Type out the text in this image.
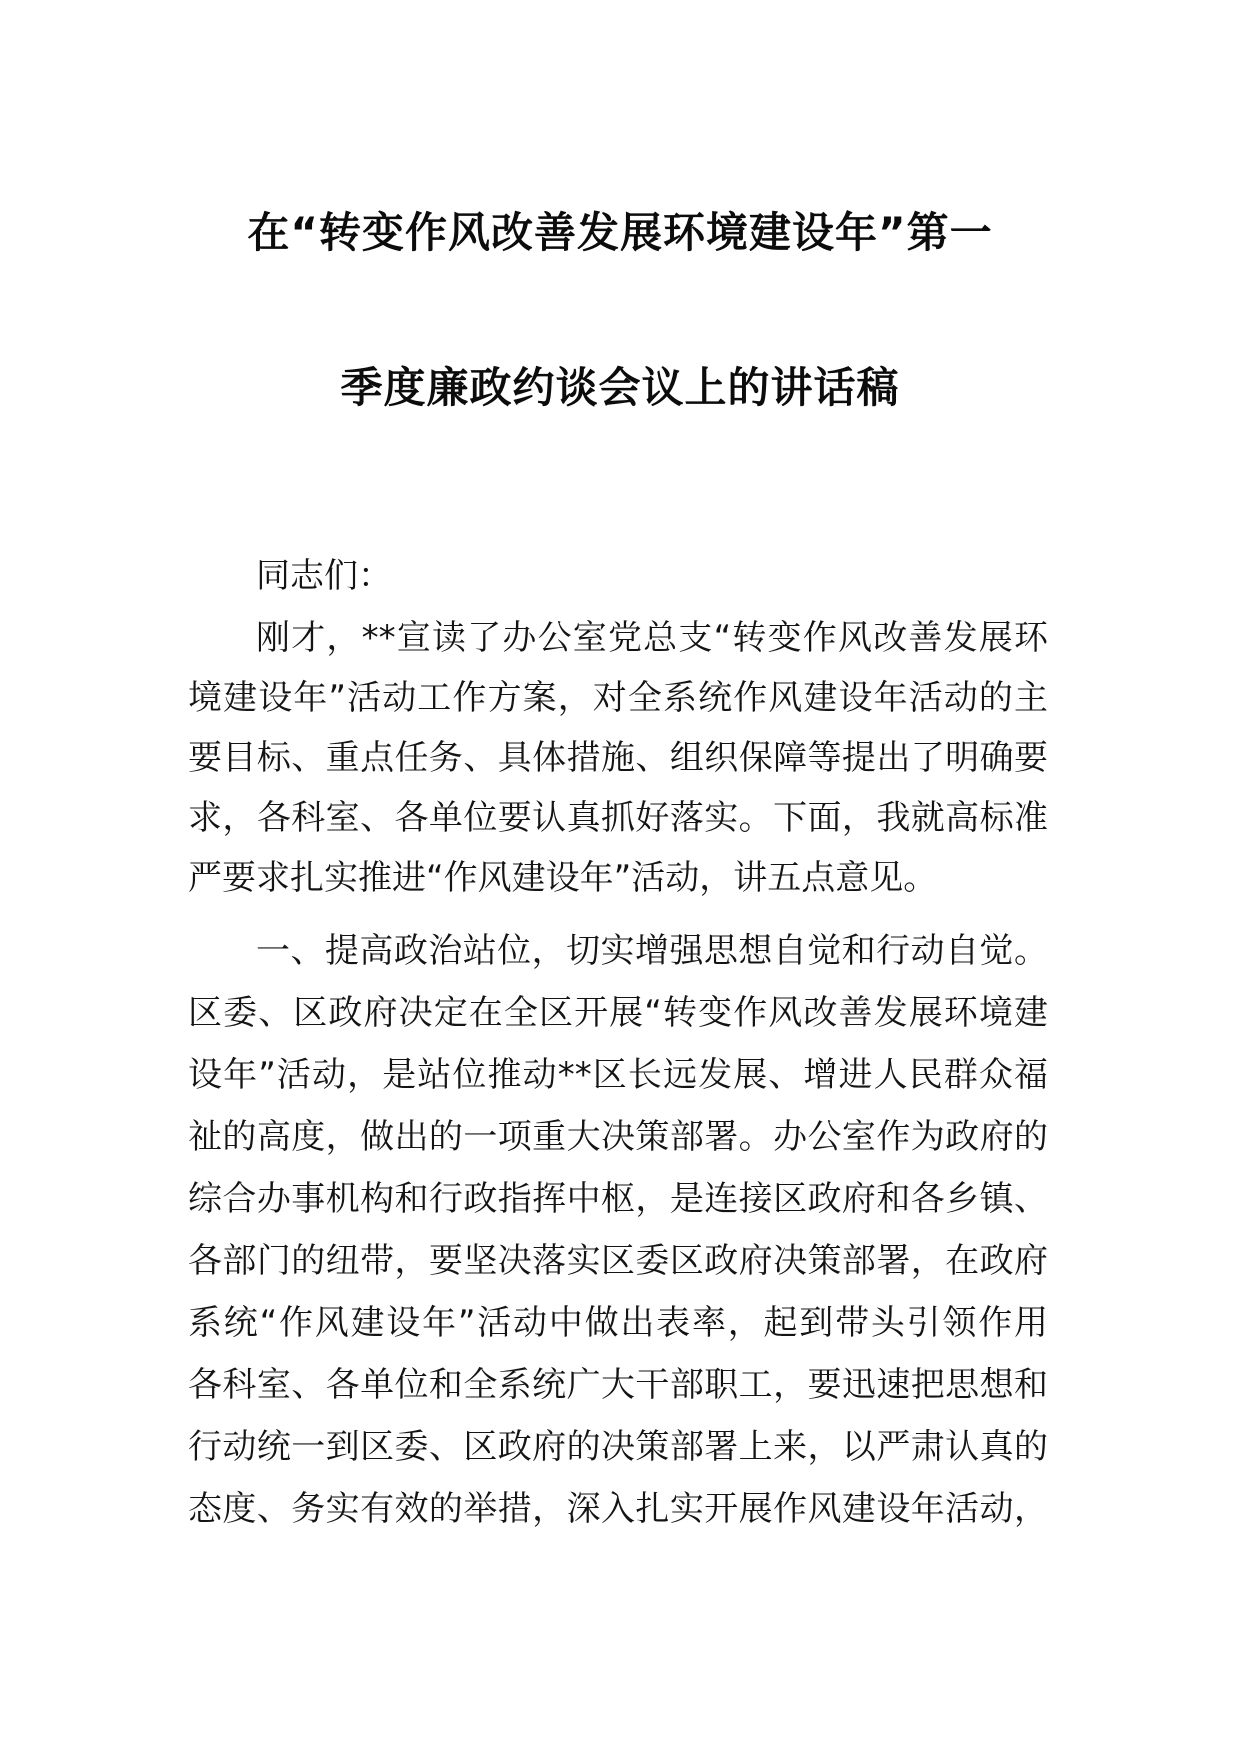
在“转变作风改善发展环境建设年”第一
季度廉政约谈会议上的讲话稿
同志们：
刚才，**宣读了办公室党总支“转变作风改善发展环
境建设年”活动工作方案，对全系统作风建设年活动的主
要目标、重点任务、具体措施、组织保障等提出了明确要
求，各科室、各单位要认真抓好落实。下面，我就高标准
严要求扎实推进“作风建设年”活动，讲五点意见。
一、提高政治站位，切实增强思想自觉和行动自觉。
区委、区政府决定在全区开展“转变作风改善发展环境建
设年”活动，是站位推动**区长远发展、增进人民群众福
祉的高度，做出的一项重大决策部署。办公室作为政府的
综合办事机构和行政指挥中枢，是连接区政府和各乡镇、
各部门的纽带，要坚决落实区委区政府决策部署，在政府
系统“作风建设年”活动中做出表率，起到带头引领作用
各科室、各单位和全系统广大干部职工，要迅速把思想和
行动统一到区委、区政府的决策部署上来，以严肃认真的
态度、务实有效的举措，深入扎实开展作风建设年活动，
